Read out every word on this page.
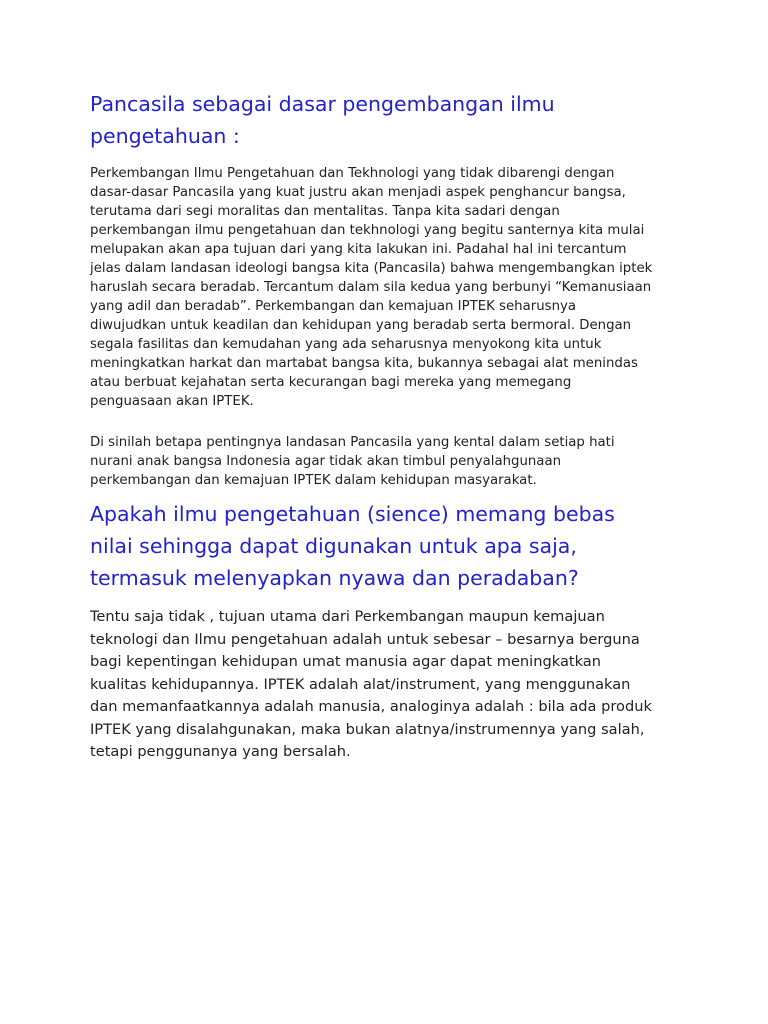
Pancasila sebagai dasar pengembangan ilmu
pengetahuan :

Perkembangan Ilmu Pengetahuan dan Tekhnologi yang tidak dibarengi dengan
dasar-dasar Pancasila yang kuat justru akan menjadi aspek penghancur bangsa,
terutama dari segi moralitas dan mentalitas. Tanpa kita sadari dengan
perkembangan ilmu pengetahuan dan tekhnologi yang begitu santernya kita mulai
melupakan akan apa tujuan dari yang kita lakukan ini. Padahal hal ini tercantum
jelas dalam landasan ideologi bangsa kita (Pancasila) bahwa mengembangkan iptek
haruslah secara beradab. Tercantum dalam sila kedua yang berbunyi “Kemanusiaan
yang adil dan beradab”. Perkembangan dan kemajuan IPTEK seharusnya
diwujudkan untuk keadilan dan kehidupan yang beradab serta bermoral. Dengan
segala fasilitas dan kemudahan yang ada seharusnya menyokong kita untuk
meningkatkan harkat dan martabat bangsa kita, bukannya sebagai alat menindas
atau berbuat kejahatan serta kecurangan bagi mereka yang memegang
penguasaan akan IPTEK.

Di sinilah betapa pentingnya landasan Pancasila yang kental dalam setiap hati
nurani anak bangsa Indonesia agar tidak akan timbul penyalahgunaan
perkembangan dan kemajuan IPTEK dalam kehidupan masyarakat.

Apakah ilmu pengetahuan (sience) memang bebas
nilai sehingga dapat digunakan untuk apa saja,
termasuk melenyapkan nyawa dan peradaban?

Tentu saja tidak , tujuan utama dari Perkembangan maupun kemajuan
teknologi dan Ilmu pengetahuan adalah untuk sebesar – besarnya berguna
bagi kepentingan kehidupan umat manusia agar dapat meningkatkan
kualitas kehidupannya. IPTEK adalah alat/instrument, yang menggunakan
dan memanfaatkannya adalah manusia, analoginya adalah : bila ada produk
IPTEK yang disalahgunakan, maka bukan alatnya/instrumennya yang salah,
tetapi penggunanya yang bersalah.
